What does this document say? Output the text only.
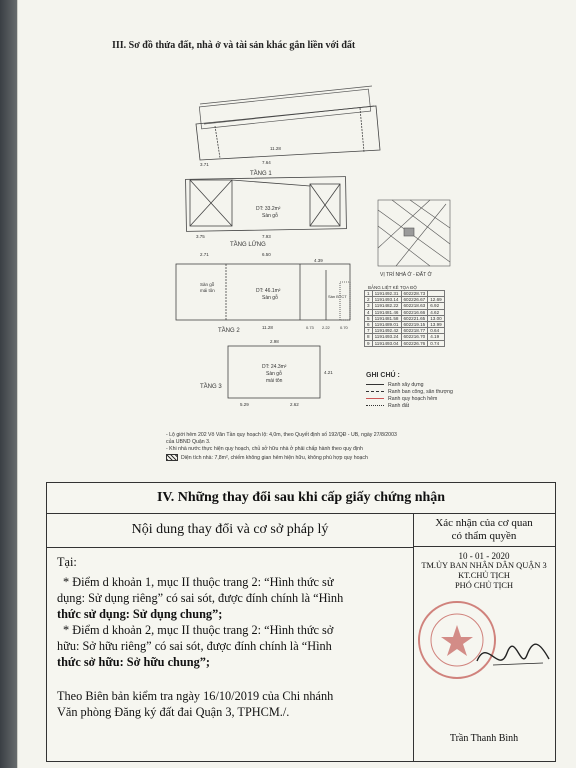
III. Sơ đồ thửa đất, nhà ở và tài sản khác gắn liền với đất
TẦNG 1
DT: 33.2m²
Sàn gỗ
TẦNG LỬNG
3.71	7.64
11.28
3.75	7.93
Sàn gỗ
mái tôn	DT: 46.1m²
Sàn gỗ	Sàn BTCT
2.71	6.50
4.39
11.28	0.73 2.22	0.70
TẦNG 2
DT: 24.3m²
Sàn gỗ
mái tôn
2.98
5.29	2.62
4.21
TẦNG 3
VỊ TRÍ NHÀ Ở - ĐẤT Ở
BẢNG LIỆT KÊ TỌA ĐỘ
1	1191492.31	602228.73	
2	1191493.14	602226.67	12.69
3	1191482.22	602218.63	6.92
4	1191481.46	602216.66	4.62
5	1191481.58	602221.65	13.00
6	1191489.01	602219.15	13.99
7	1191492.42	602218.77	0.64
8	1191493.24	602216.70	4.19
9	1191493.04	602226.76	0.74
GHI CHÚ :
Ranh xây dựng
Ranh ban công, sân thượng
Ranh quy hoạch hẻm
Ranh đất
- Lộ giới hẻm 202 Võ Văn Tần quy hoạch lộ: 4,0m, theo Quyết định số 192/QĐ - UB, ngày 27/8/2003
của UBND Quận 3.
- Khi nhà nước thực hiện quy hoạch, chủ sở hữu nhà ở phải chấp hành theo quy định
Diện tích nhà: 7,8m², chiếm không gian hẻm hiện hữu, không phù hợp quy hoạch
IV. Những thay đổi sau khi cấp giấy chứng nhận
Nội dung thay đổi và cơ sở pháp lý

Tại:

* Điểm d khoản 1, mục II thuộc trang 2: “Hình thức sử

dụng: Sử dụng riêng” có sai sót, được đính chính là “Hình

thức sử dụng: Sử dụng chung”;

* Điểm d khoản 2, mục II thuộc trang 2: “Hình thức sở

hữu: Sở hữu riêng” có sai sót, được đính chính là “Hình

thức sở hữu: Sở hữu chung”;

Theo Biên bản kiểm tra ngày 16/10/2019 của Chi nhánh

Văn phòng Đăng ký đất đai Quận 3, TPHCM./.

Xác nhận của cơ quan
có thẩm quyền
10 - 01 - 2020
TM.ỦY BAN NHÂN DÂN QUẬN 3
KT.CHỦ TỊCH
PHÓ CHỦ TỊCH
Trần Thanh Bình
